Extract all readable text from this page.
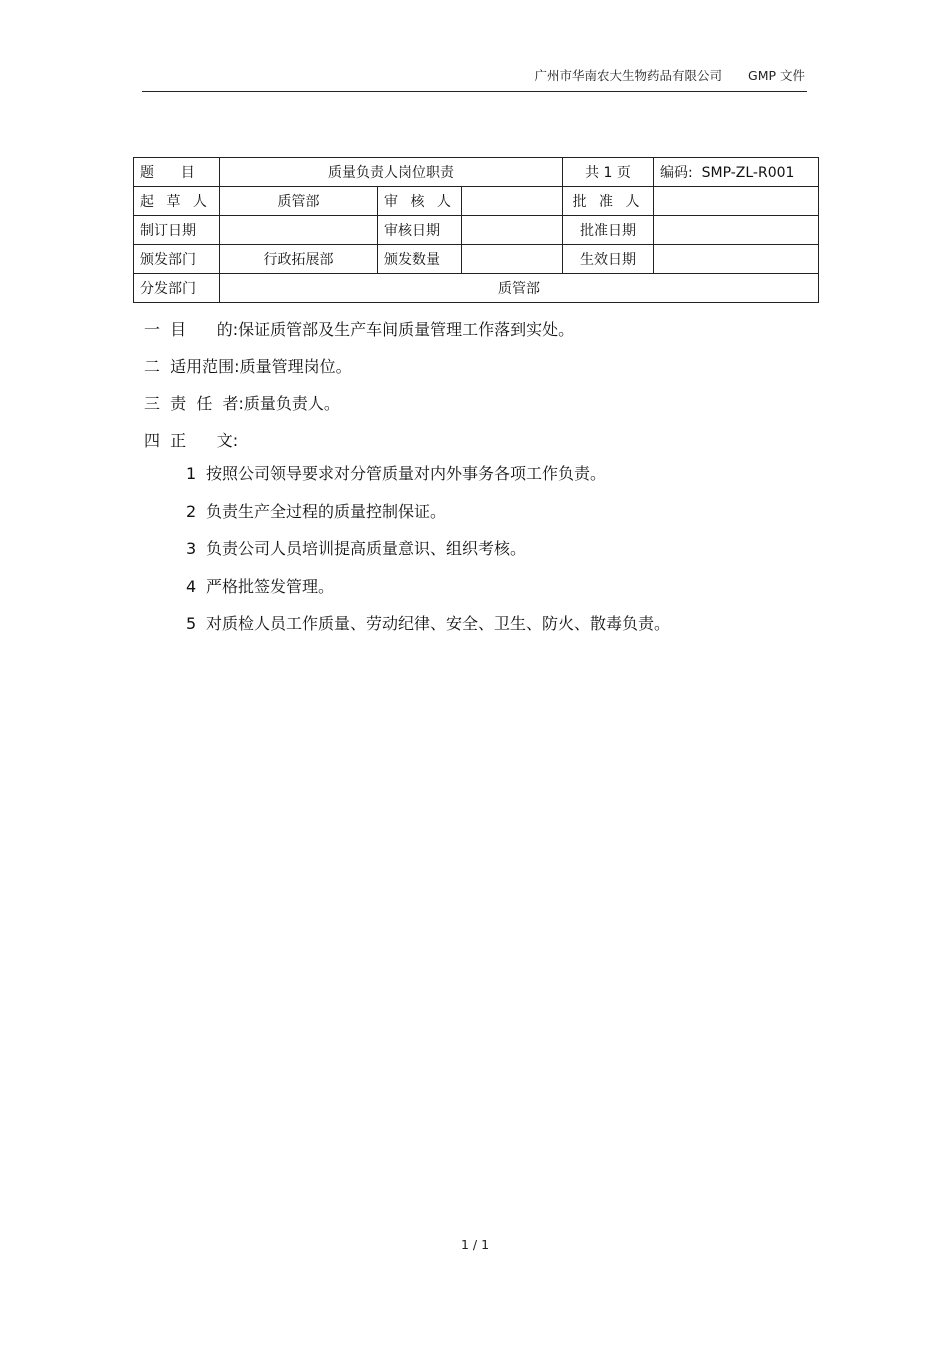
广州市华南农大生物药品有限公司 GMP 文件
题      目	质量负责人岗位职责			共 1 页	编码:  SMP-ZL-R001
起 草 人	质管部	审 核 人		批 准 人	
制订日期		审核日期		批准日期	
颁发部门	行政拓展部	颁发数量		生效日期	
分发部门	质管部				
一  目      的:保证质管部及生产车间质量管理工作落到实处。
二  适用范围:质量管理岗位。
三  责  任  者:质量负责人。
四  正      文:
1 按照公司领导要求对分管质量对内外事务各项工作负责。
2 负责生产全过程的质量控制保证。
3 负责公司人员培训提高质量意识、组织考核。
4 严格批签发管理。
5 对质检人员工作质量、劳动纪律、安全、卫生、防火、散毒负责。
1 / 1
